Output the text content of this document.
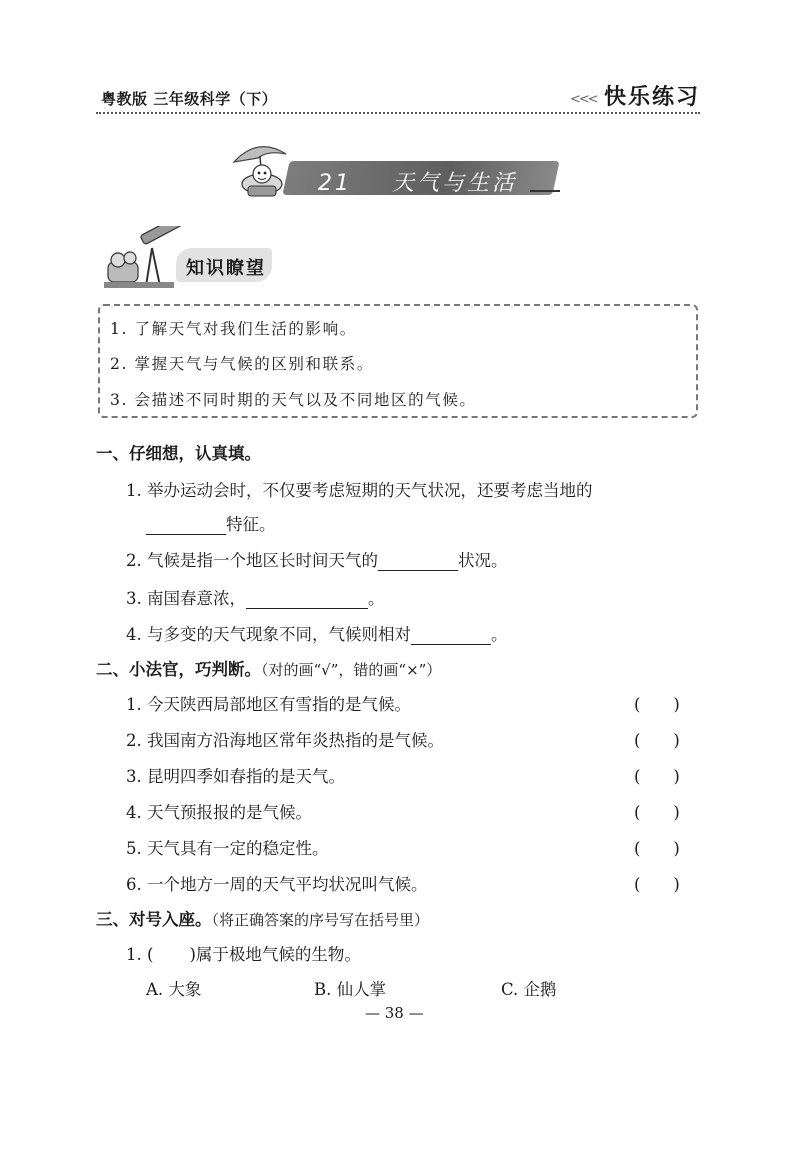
粤教版 三年级科学（下）	<<< 快乐练习
21 天气与生活
知识瞭望
1. 了解天气对我们生活的影响。
2. 掌握天气与气候的区别和联系。
3. 会描述不同时期的天气以及不同地区的气候。
一、仔细想，认真填。
1. 举办运动会时，不仅要考虑短期的天气状况，还要考虑当地的
特征。
2. 气候是指一个地区长时间天气的	状况。
3. 南国春意浓，	。
4. 与多变的天气现象不同，气候则相对	。
二、小法官，巧判断。（对的画“√”，错的画“×”）
1. 今天陕西局部地区有雪指的是气候。	(　　)
2. 我国南方沿海地区常年炎热指的是气候。	(　　)
3. 昆明四季如春指的是天气。	(　　)
4. 天气预报报的是气候。	(　　)
5. 天气具有一定的稳定性。	(　　)
6. 一个地方一周的天气平均状况叫气候。	(　　)
三、对号入座。（将正确答案的序号写在括号里）
1. ( )属于极地气候的生物。
A. 大象	B. 仙人掌	C. 企鹅
— 38 —
